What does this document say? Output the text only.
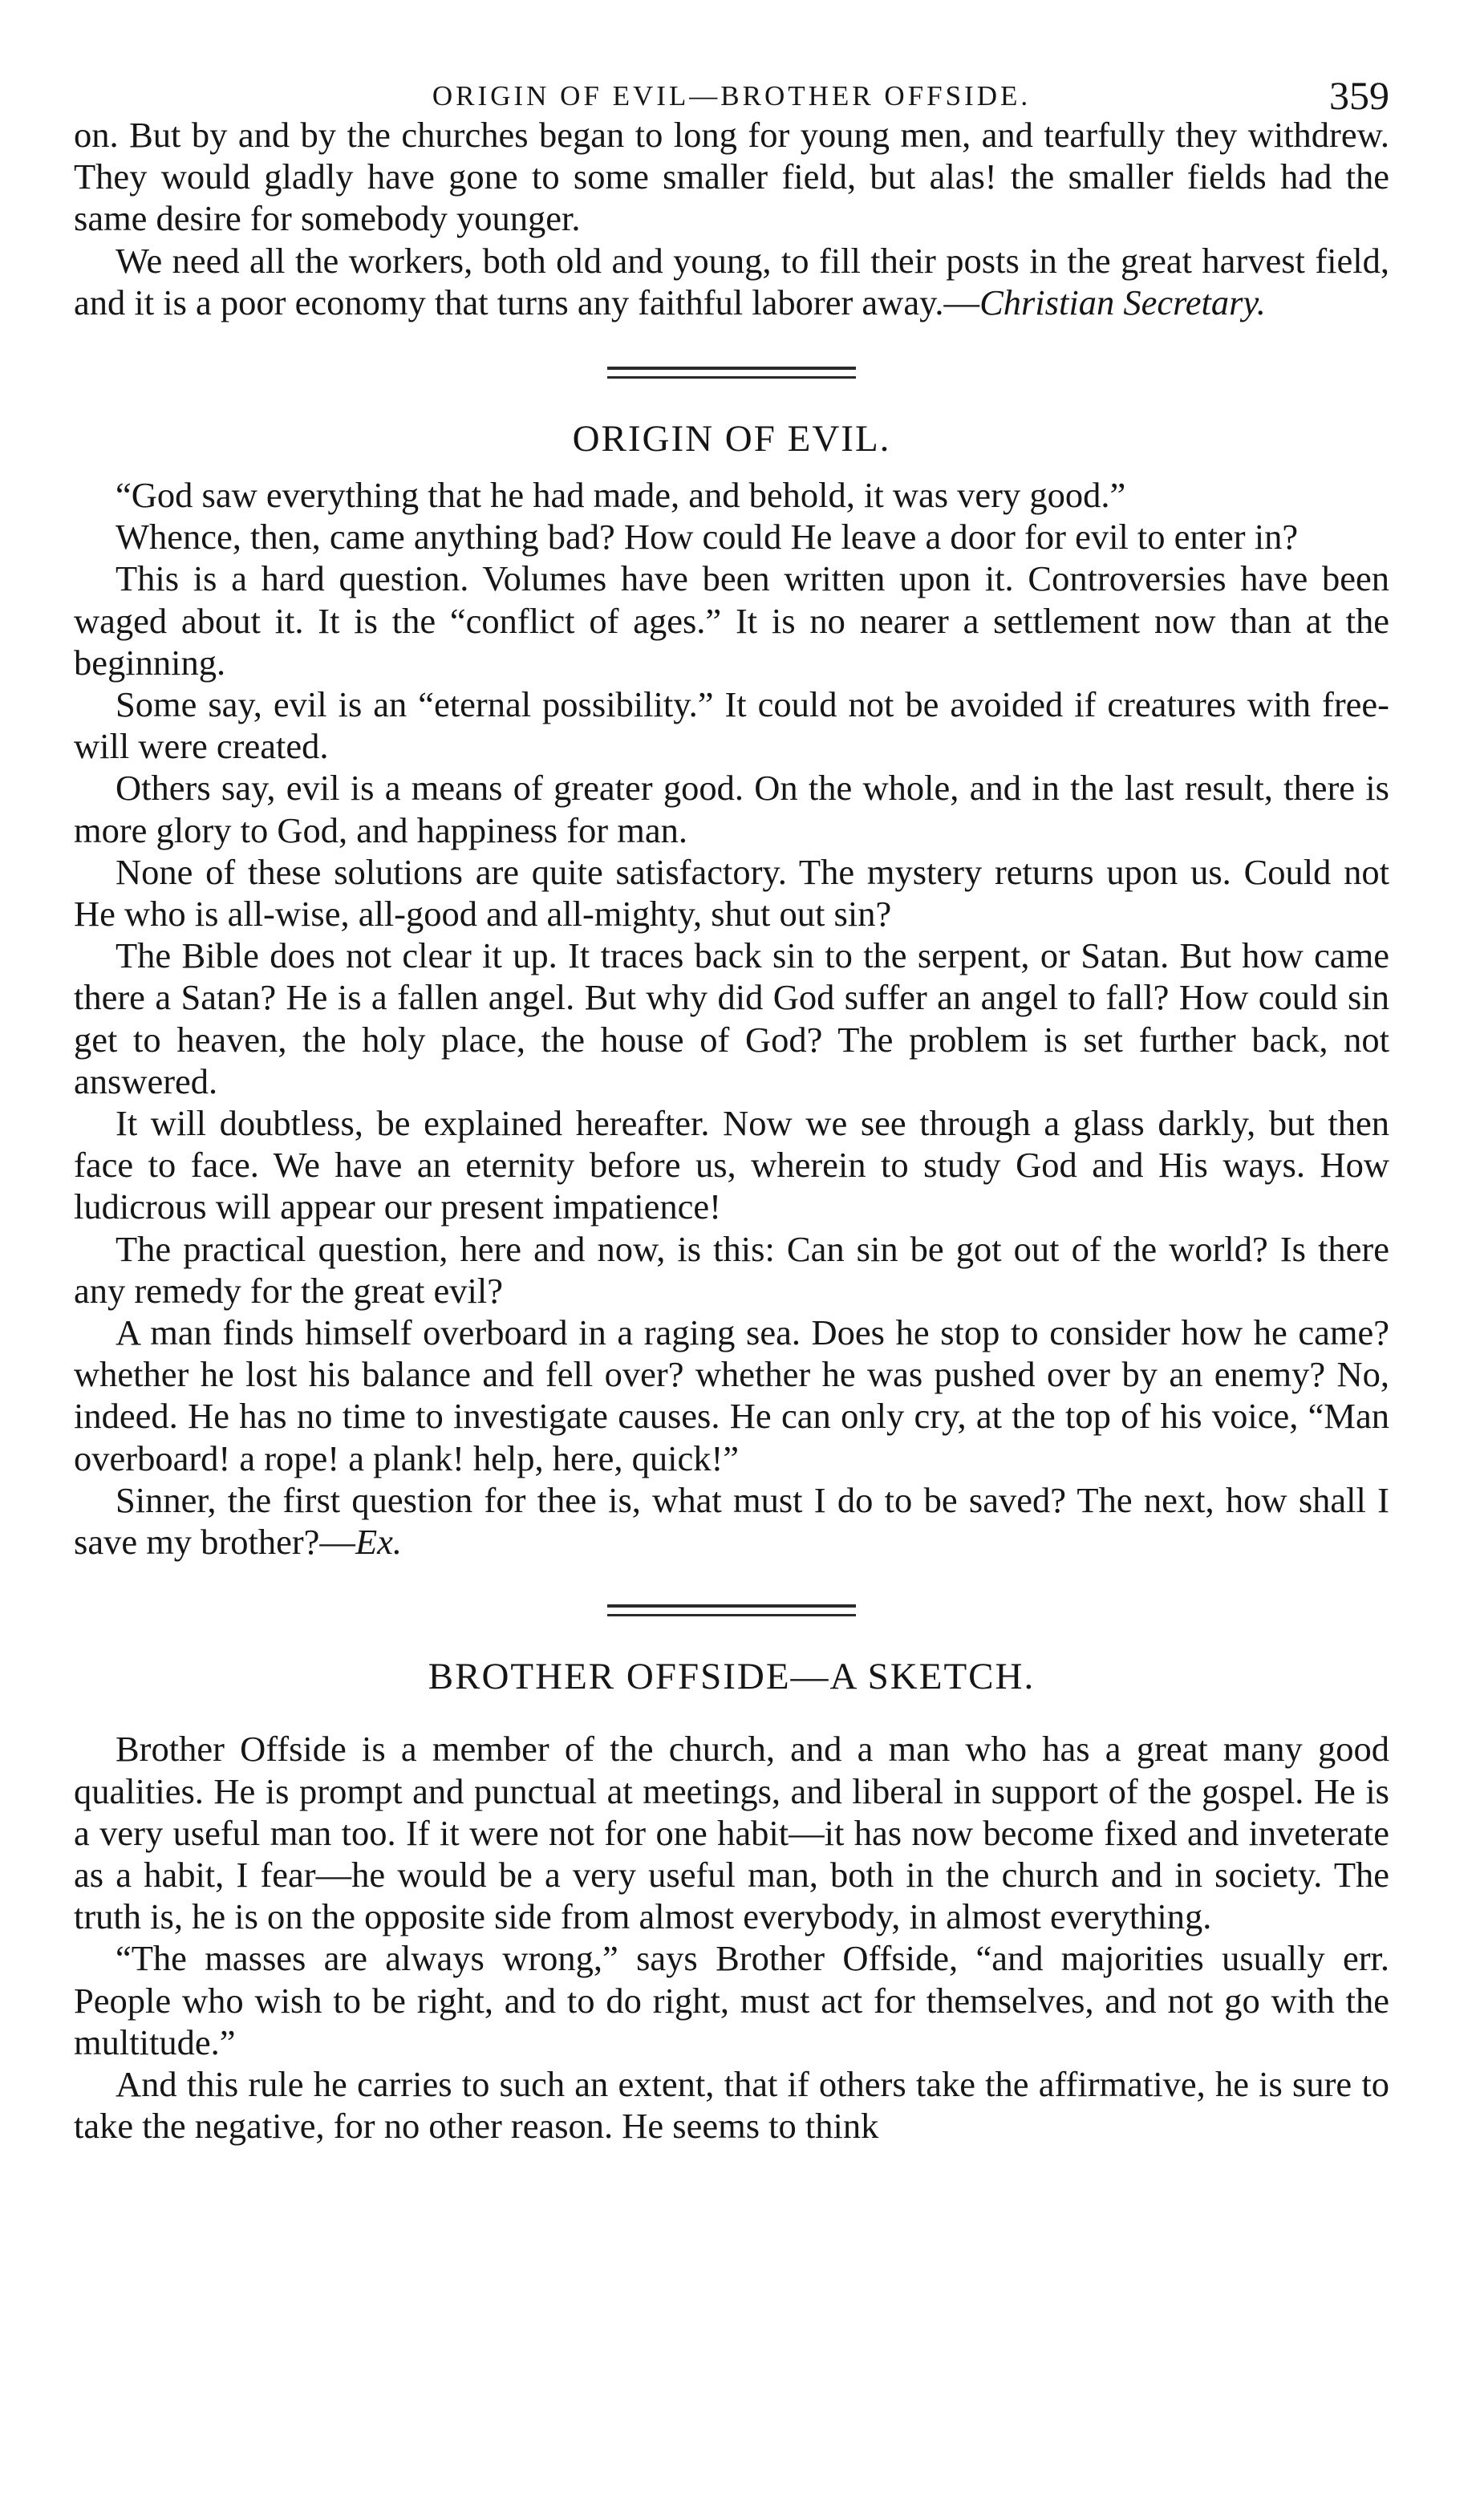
ORIGIN OF EVIL—BROTHER OFFSIDE.	359

on. But by and by the churches began to long for young men, and tearfully they withdrew. They would gladly have gone to some smaller field, but alas! the smaller fields had the same desire for somebody younger.

We need all the workers, both old and young, to fill their posts in the great harvest field, and it is a poor economy that turns any faithful laborer away.—Christian Secretary.

ORIGIN OF EVIL.

“God saw everything that he had made, and behold, it was very good.”

Whence, then, came anything bad? How could He leave a door for evil to enter in?

This is a hard question. Volumes have been written upon it. Controversies have been waged about it. It is the “conflict of ages.” It is no nearer a settlement now than at the beginning.

Some say, evil is an “eternal possibility.” It could not be avoided if creatures with free-will were created.

Others say, evil is a means of greater good. On the whole, and in the last result, there is more glory to God, and happiness for man.

None of these solutions are quite satisfactory. The mystery returns upon us. Could not He who is all-wise, all-good and all-mighty, shut out sin?

The Bible does not clear it up. It traces back sin to the serpent, or Satan. But how came there a Satan? He is a fallen angel. But why did God suffer an angel to fall? How could sin get to heaven, the holy place, the house of God? The problem is set further back, not answered.

It will doubtless, be explained hereafter. Now we see through a glass darkly, but then face to face. We have an eternity before us, wherein to study God and His ways. How ludicrous will appear our present impatience!

The practical question, here and now, is this: Can sin be got out of the world? Is there any remedy for the great evil?

A man finds himself overboard in a raging sea. Does he stop to consider how he came? whether he lost his balance and fell over? whether he was pushed over by an enemy? No, indeed. He has no time to investigate causes. He can only cry, at the top of his voice, “Man overboard! a rope! a plank! help, here, quick!”

Sinner, the first question for thee is, what must I do to be saved? The next, how shall I save my brother?—Ex.

BROTHER OFFSIDE—A SKETCH.

Brother Offside is a member of the church, and a man who has a great many good qualities. He is prompt and punctual at meetings, and liberal in support of the gospel. He is a very useful man too. If it were not for one habit—it has now become fixed and inveterate as a habit, I fear—he would be a very useful man, both in the church and in society. The truth is, he is on the opposite side from almost everybody, in almost everything.

“The masses are always wrong,” says Brother Offside, “and majorities usually err. People who wish to be right, and to do right, must act for themselves, and not go with the multitude.”

And this rule he carries to such an extent, that if others take the affirmative, he is sure to take the negative, for no other reason. He seems to think
